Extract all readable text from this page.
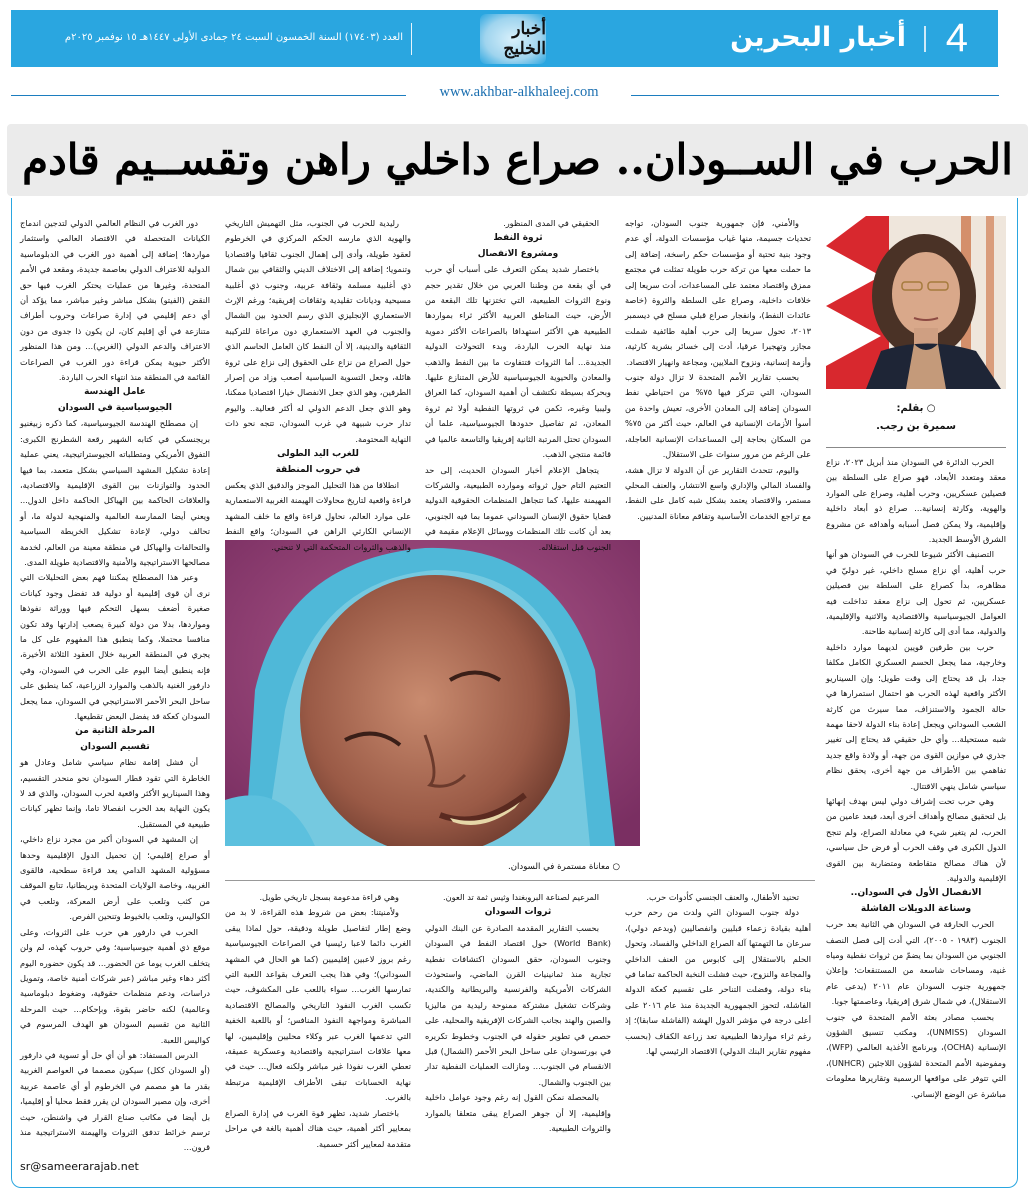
4
أخبار البحرين
أخبار الخليج
العدد (١٧٤٠٣) السنة الخمسون السبت ٢٤ جمادى الأولى ١٤٤٧هـ ١٥ نوفمبر ٢٠٢٥م
www.akhbar-alkhaleej.com
الحرب في الســودان.. صراع داخلي راهن وتقســيم قادم
○ بقلم:
سميرة بن رجب.
○ معاناة مستمرة في السودان.

الحرب الدائرة في السودان منذ أبريل ٢٠٢٣، نزاع معقد ومتعدد الأبعاد، فهو صراع على السلطة بين فصيلين عسكريين، وحرب أهلية، وصراع على الموارد والهوية، وكارثة إنسانية... صراع ذو أبعاد داخلية وإقليمية، ولا يمكن فصل أسبابه وأهدافه عن مشروع الشرق الأوسط الجديد.

التصنيف الأكثر شيوعا للحرب في السودان هو أنها حرب أهلية، أي نزاع مسلح داخلي، غير دوليّ في مظاهره، بدأ كصراع على السلطة بين فصيلين عسكريين، ثم تحول إلى نزاع معقد تداخلت فيه العوامل الجيوسياسية والاقتصادية والاثنية والإقليمية، والدولية، مما أدى إلى كارثة إنسانية طاحنة.

حرب بين طرفين قويين لديهما موارد داخلية وخارجية، مما يجعل الحسم العسكري الكامل مكلفا جدا، بل قد يحتاج إلى وقت طويل؛ وإن السيناريو الأكثر واقعية لهذه الحرب هو احتمال استمرارها في حالة الجمود والاستنزاف، مما سيرث من كارثة الشعب السوداني ويجعل إعادة بناء الدولة لاحقا مهمة شبه مستحيلة... وأي حل حقيقي قد يحتاج إلى تغيير جذري في موازين القوى من جهة، أو ولادة واقع جديد تفاهمي بين الأطراف من جهة أخرى، يحقق نظام سياسي شامل ينهي الاقتتال.

وهي حرب تحت إشراف دولي ليس بهدف إنهائها بل لتحقيق مصالح وأهداف أخرى أبعد، فبعد عامين من الحرب، لم يتغير شيء في معادلة الصراع، ولم تنجح الدول الكبرى في وقف الحرب أو فرض حل سياسي، لأن هناك مصالح متقاطعة ومتضاربة بين القوى الإقليمية والدولية.

الانفصال الأول في السودان..
وسناعة الدويلات الفاشلة

الحرب الحارقة في السودان هي الثانية بعد حرب الجنوب (١٩٨٣ - ٢٠٠٥)، التي أدت إلى فصل النصف الجنوبي من السودان بما يضمّ من ثروات نفطية ومياه غنية، ومساحات شاسعة من المستنقعات؛ وإعلان جمهورية جنوب السودان عام ٢٠١١ (يدعى عام الاستقلال)، في شمال شرق إفريقيا، وعاصمتها جوبا.

بحسب مصادر بعثة الأمم المتحدة في جنوب السودان (UNMISS)، ومكتب تنسيق الشؤون الإنسانية (OCHA)، وبرنامج الأغذية العالمي (WFP)، ومفوضية الأمم المتحدة لشؤون اللاجئين (UNHCR)، التي تتوفر على مواقعها الرسمية وتقاريرها معلومات مباشرة عن الوضع الإنساني.

والأمني، فإن جمهورية جنوب السودان، تواجه تحديات جسيمة، منها غياب مؤسسات الدولة، أي عدم وجود بنية تحتية أو مؤسسات حكم راسخة، إضافة إلى ما حملت معها من تركة حرب طويلة تمثلت في مجتمع ممزق واقتصاد معتمد على المساعدات، أدت سريعا إلى خلافات داخلية، وصراع على السلطة والثروة (خاصة عائدات النفط)، وانفجار صراع قبلي مسلح في ديسمبر ٢٠١٣، تحول سريعا إلى حرب أهلية طائفية شملت مجازر وتهجيرا عرقيا، أدت إلى خسائر بشرية كارثية، وأزمة إنسانية، ونزوح الملايين، ومجاعة وانهيار الاقتصاد.

بحسب تقارير الأمم المتحدة لا تزال دولة جنوب السودان، التي تتركز فيها ٧٥% من احتياطي نفط السودان إضافة إلى المعادن الأخرى، تعيش واحدة من أسوأ الأزمات الإنسانية في العالم، حيث أكثر من ٧٥% من السكان بحاجة إلى المساعدات الإنسانية العاجلة، على الرغم من مرور سنوات على الاستقلال.

واليوم، تتحدث التقارير عن أن الدولة لا تزال هشة، والفساد المالي والإداري واسع الانتشار، والعنف المحلي مستمر، والاقتصاد يعتمد بشكل شبه كامل على النفط، مع تراجع الخدمات الأساسية وتفاقم معاناة المدنيين.

تحنيد الأطفال، والعنف الجنسي كأدوات حرب.

دولة جنوب السودان التي ولدت من رحم حرب أهلية بقيادة زعماء قبليين وانفصاليين (وبدعم دولي)، سرعان ما التهمتها آلة الصراع الداخلي والفساد، وتحول الحلم بالاستقلال إلى كابوس من العنف الداخلي والمجاعة والنزوح، حيث فشلت النخبة الحاكمة تماما في بناء دولة، وفضلت التناحر على تقسيم كعكة الدولة الفاشلة، لتحوز الجمهورية الجديدة منذ عام ٢٠١٦ على أعلى درجة في مؤشر الدول الهشة (الفاشلة سابقا)؛ إذ رغم ثراء مواردها الطبيعية تعد زراعة الكفاف (بحسب مفهوم تقارير البنك الدولي) الاقتصاد الرئيسي لها.

الحقيقي في المدى المنظور.

ثروة النفط
ومشروع الانفصال

باختصار شديد يمكن التعرف على أسباب أي حرب في أي بقعة من وطننا العربي من خلال تقدير حجم ونوع الثروات الطبيعية، التي تختزنها تلك البقعة من الأرض، حيث المناطق العربية الأكثر ثراء بمواردها الطبيعية هي الأكثر استهدافا بالصراعات الأكثر دموية منذ نهاية الحرب الباردة، وبدء التحولات الدولية الجديدة... أما الثروات فتتفاوت ما بين النفط والذهب والمعادن والحيوية الجيوسياسية للأرض المتنازع عليها. وبحركة بسيطة نكتشف أن أهمية السودان، كما العراق وليبيا وغيره، تكمن في ثروتها النفطية أولا ثم ثروة المعادن، ثم تفاصيل حدودها الجيوسياسية، علما أن السودان تحتل المرتبة الثانية إفريقيا والتاسعة عالميا في قائمة منتجي الذهب.

يتجاهل الإعلام أخبار السودان الحديث، إلى حد التعتيم التام حول ثرواته وموارده الطبيعية، والشركات المهيمنة عليها، كما تتجاهل المنظمات الحقوقية الدولية قضايا حقوق الإنسان السوداني عموما بما فيه الجنوبي، بعد أن كانت تلك المنظمات ووسائل الإعلام مقيمة في الجنوب قبل استقلاله.

المرعيم لصناعة البروبغندا وثيس ثمة تد العون.

ثروات السودان

بحسب التقارير المقدمة الصادرة عن البنك الدولي (World Bank) حول اقتصاد النفط في السودان وجنوب السودان، حقق السودان اكتشافات نفطية تجارية منذ ثمانينيات القرن الماضي، واستحوذت الشركات الأمريكية والفرنسية والبريطانية والكندية، وشركات تشغيل مشتركة ممنوحة رليدية من ماليزيا والصين والهند بجانب الشركات الإفريقية والمحلية، على حصص في تطوير حقوله في الجنوب وخطوط تكريره في بورتسودان على ساحل البحر الأحمر (الشمال) قبل الانقسام في الجنوب... ومازالت العمليات النفطية تدار بين الجنوب والشمال.

بالمحصلة نمكن القول إنه رغم وجود عوامل داخلية وإقليمية، إلا أن جوهر الصراع يبقى متعلقا بالموارد والثروات الطبيعية.

رليدية للحرب في الجنوب، مثل التهميش التاريخي والهوية الذي مارسه الحكم المركزي في الخرطوم لعقود طويلة، وأدى إلى إهمال الجنوب ثقافيا واقتصاديا وتنمويا؛ إضافة إلى الاختلاف الديني والثقافي بين شمال ذي أغلبية مسلمة وثقافة عربية، وجنوب ذي أغلبية مسيحية وديانات تقليدية وثقافات إفريقية؛ ورغم الإرث الاستعماري الإنجليزي الذي رسم الحدود بين الشمال والجنوب في العهد الاستعماري دون مراعاة للتركيبة الثقافية والدينية، إلا أن النفط كان العامل الحاسم الذي حول الصراع من نزاع على الحقوق إلى نزاع على ثروة هائلة، وجعل التسوية السياسية أصعب وزاد من إصرار الطرفين، وهو الذي جعل الانفصال خيارا اقتصاديا ممكنا، وهو الذي جعل الدعم الدولي له أكثر فعالية.. واليوم تدار حرب شبيهة في غرب السودان، تتجه نحو ذات النهاية المحتومة.

للغرب اليد الطولى
في حروب المنطقة

انطلاقا من هذا التحليل الموجز والدقيق الذي يعكس قراءة واقعية لتاريخ محاولات الهيمنة الغربية الاستعمارية على موارد العالم، نحاول قراءة واقع ما خلف المشهد الإنساني الكارثي الراهن في السودان؛ واقع النفط والذهب والثروات المتحكمة التي لا تنحني.

وهي قراءة مدعومة بسجل تاريخي طويل.

ولأمنيتنا: بعض من شروط هذه القراءة، لا بد من وضع إطار لتفاصيل طويلة ودقيقة، حول لماذا يبقى الغرب دائما لاعبا رئيسيا في الصراعات الجيوسياسية رغم بروز لاعبين إقليميين (كما هو الحال في المشهد السوداني)؛ وفي هذا يجب التعرف بقواعد اللعبة التي تمارسها الغرب... سواء باللعب على المكشوف، حيث تكسب الغرب النفوذ التاريخي والمصالح الاقتصادية المباشرة ومواجهة النفوذ المنافس؛ أو باللعبة الخفية التي تدعمها الغرب عبر وكلاء محليين وإقليميين، لها معها علاقات استراتيجية واقتصادية وعسكرية عميقة، تعطي الغرب نفوذا غير مباشر ولكنه فعال... حيث في نهاية الحسابات تبقى الأطراف الإقليمية مرتبطة بالغرب.

باختصار شديد، تظهر قوة الغرب في إدارة الصراع بمعايير أكثر أهمية، حيث هناك أهمية بالغة في مراحل متقدمة لمعايير أكثر حسمية.

دور الغرب في النظام العالمي الدولي لتدجين اندماج الكيانات المتحصلة في الاقتصاد العالمي واستثمار مواردها؛ إضافة إلى أهمية دور الغرب في الدبلوماسية الدولية للاعتراف الدولي بعاصمة جديدة، ومقعد في الأمم المتحدة، وغيرها من عمليات يحتكر الغرب فيها حق النقض (الفيتو) بشكل مباشر وغير مباشر، مما يؤكد أن أي دعم إقليمي في إدارة صراعات وحروب أطراف متنازعة في أي إقليم كان، لن يكون ذا جدوى من دون الاعتراف والدعم الدولي (الغربي)... ومن هذا المنظور الأكثر حيوية يمكن قراءة دور الغرب في الصراعات القائمة في المنطقة منذ انتهاء الحرب الباردة.

عامل الهندسة
الجيوسياسية في السودان

إن مصطلح الهندسة الجيوسياسية، كما ذكره زبيغنيو بريجنسكي في كتابه الشهير رقعة الشطرنج الكبرى: التفوق الأمريكي ومتطلباته الجيوستراتيجية، يعني عملية إعادة تشكيل المشهد السياسي بشكل متعمد، بما فيها الحدود والتوازنات بين القوى الإقليمية والاقتصادية، والعلاقات الحاكمة بين الهياكل الحاكمة داخل الدول... ويعني أيضا الممارسة العالمية والمنهجية لدولة ما، أو تحالف دولي، لإعادة تشكيل الخريطة السياسية والتحالفات والهياكل في منطقة معينة من العالم، لخدمة مصالحها الاستراتيجية والأمنية والاقتصادية طويلة المدى.

وعبر هذا المصطلح يمكننا فهم بعض التحليلات التي نرى أن قوى إقليمية أو دولية قد تفضل وجود كيانات صغيرة أضعف بسهل التحكم فيها ووراثة نفوذها ومواردها، بدلا من دولة كبيرة يصعب إدارتها وقد تكون منافسا محتملا، وكما ينطبق هذا المفهوم على كل ما يجري في المنطقة العربية خلال العقود الثلاثة الأخيرة، فإنه ينطبق أيضا اليوم على الحرب في السودان، وفي دارفور الغنية بالذهب والموارد الزراعية، كما ينطبق على ساحل البحر الأحمر الاستراتيجي في السودان، مما يجعل السودان كعكة قد يفضل البعض تقطيعها.

المرحلة الثانية من
تقسيم السودان

أن فشل إقامة نظام سياسي شامل وعادل هو الخاطرة التي تقود قطار السودان نحو منحدر التقسيم، وهذا السيناريو الأكثر واقعية لحرب السودان، والذي قد لا يكون النهاية بعد الحرب انفصالا تاما، وإنما تظهر كيانات طبيعية في المستقبل.

إن المشهد في السودان أكبر من مجرد نزاع داخلي، أو صراع إقليمي؛ إن تحميل الدول الإقليمية وحدها مسؤولية المشهد الدامي يعد قراءة سطحية، فالقوى الغربية، وخاصة الولايات المتحدة وبريطانيا، تتابع الموقف من كثب وتلعب على أرض المعركة، وتلعب في الكواليس، وتلعب بالخيوط وتنحين الفرص.

الحرب في دارفور هي حرب على الثروات، وعلى موقع ذي أهمية جيوسياسية؛ وفي حروب كهذه، لم ولن يتخلف الغرب يوما عن الحضور... قد يكون حضوره اليوم أكثر دهاء وغير مباشر (عبر شركات أمنية خاصة، وتمويل دراسات، ودعم منظمات حقوقية، وضغوط دبلوماسية وعالمية) لكنه حاضر بقوة، وبإحكام... حيث المرحلة الثانية من تقسيم السودان هو الهدف المرسوم في كواليس اللعبة.

الدرس المستفاد: هو أن أي حل أو تسوية في دارفور (أو السودان ككل) سيكون مصمما في العواصم الغربية بقدر ما هو مصمم في الخرطوم أو أي عاصمة عربية أخرى، وإن مصير السودان لن يقرر فقط محليا أو إقليميا، بل أيضا في مكاتب صناع القرار في واشنطن، حيث ترسم خرائط تدفق الثروات والهيمنة الاستراتيجية منذ قرون...

sr@sameerarajab.net
